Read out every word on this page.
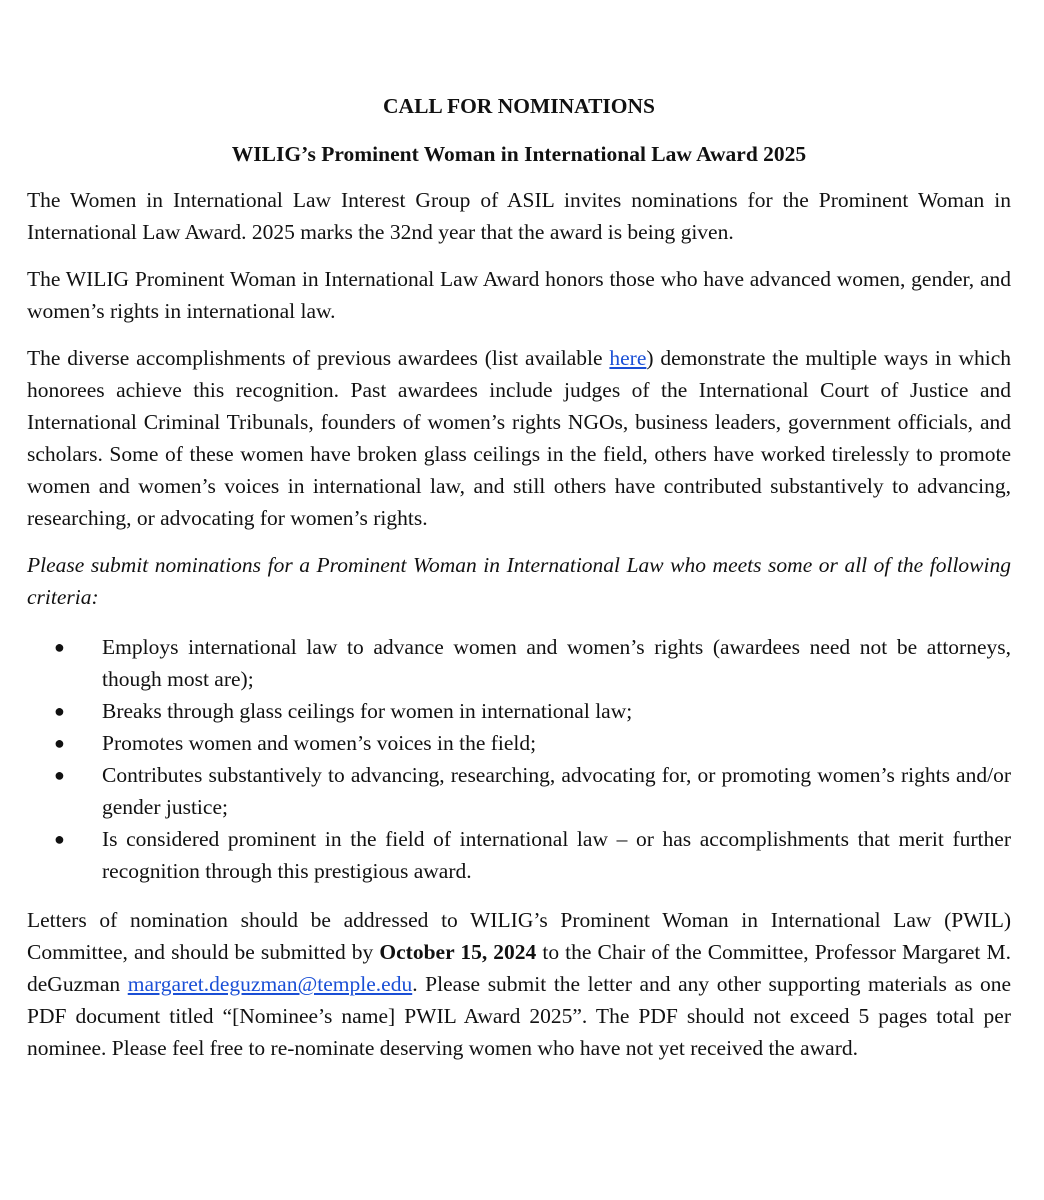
CALL FOR NOMINATIONS
WILIG’s Prominent Woman in International Law Award 2025

The Women in International Law Interest Group of ASIL invites nominations for the Prominent Woman in International Law Award. 2025 marks the 32nd year that the award is being given.

The WILIG Prominent Woman in International Law Award honors those who have advanced women, gender, and women’s rights in international law.

The diverse accomplishments of previous awardees (list available here) demonstrate the multiple ways in which honorees achieve this recognition. Past awardees include judges of the International Court of Justice and International Criminal Tribunals, founders of women’s rights NGOs, business leaders, government officials, and scholars. Some of these women have broken glass ceilings in the field, others have worked tirelessly to promote women and women’s voices in international law, and still others have contributed substantively to advancing, researching, or advocating for women’s rights.

Please submit nominations for a Prominent Woman in International Law who meets some or all of the following criteria:

● Employs international law to advance women and women’s rights (awardees need not be attorneys, though most are);
● Breaks through glass ceilings for women in international law;
● Promotes women and women’s voices in the field;
● Contributes substantively to advancing, researching, advocating for, or promoting women’s rights and/or gender justice;
● Is considered prominent in the field of international law – or has accomplishments that merit further recognition through this prestigious award.

Letters of nomination should be addressed to WILIG’s Prominent Woman in International Law (PWIL) Committee, and should be submitted by October 15, 2024 to the Chair of the Committee, Professor Margaret M. deGuzman margaret.deguzman@temple.edu. Please submit the letter and any other supporting materials as one PDF document titled “[Nominee’s name] PWIL Award 2025”. The PDF should not exceed 5 pages total per nominee. Please feel free to re-nominate deserving women who have not yet received the award.
